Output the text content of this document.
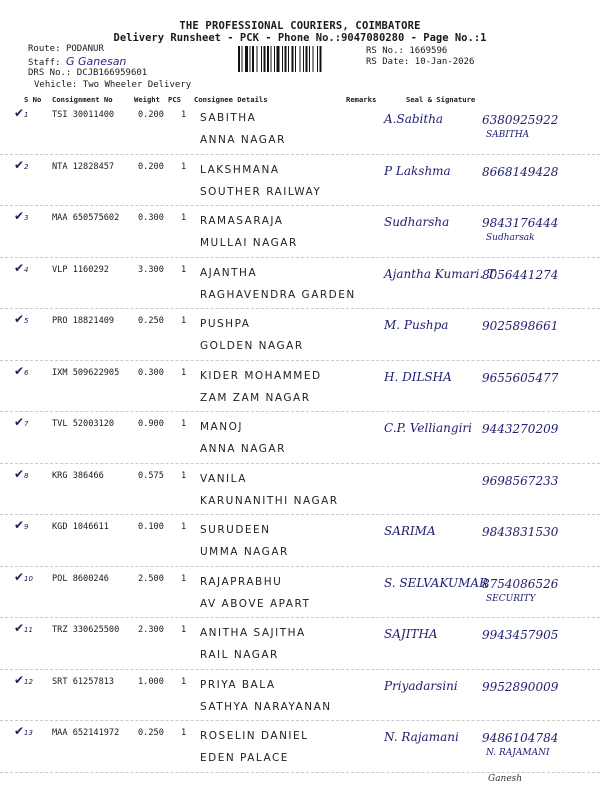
THE PROFESSIONAL COURIERS, COIMBATORE
Delivery Runsheet - PCK - Phone No.:9047080280 - Page No.:1
Route: PODANUR
Staff: G Ganesan
DRS No.: DCJB166959601
Vehicle: Two Wheeler Delivery
RS No.: 1669596
RS Date: 10-Jan-2026
S No Consignment No	Weight PCS Consignee Details	Remarks	Seal & Signature
✔ 1	TSI 30011400	0.200 1 SABITHA
ANNA NAGAR
A.Sabitha	6380925922
SABITHA
✔ 2	NTA 12828457	0.200 1 LAKSHMANA
SOUTHER RAILWAY
P Lakshma	8668149428
✔ 3	MAA 650575602 0.300 1 RAMASARAJA
MULLAI NAGAR
Sudharsha	9843176444
Sudharsak
✔ 4	VLP 1160292	3.300 1 AJANTHA
RAGHAVENDRA GARDEN
Ajantha Kumari. T
8056441274
✔ 5	PRO 18821409	0.250 1 PUSHPA
GOLDEN NAGAR
M. Pushpa	9025898661
✔ 6	IXM 509622905 0.300 1 KIDER MOHAMMED
ZAM ZAM NAGAR
H. DILSHA	9655605477
✔ 7	TVL 52003120	0.900 1 MANOJ
ANNA NAGAR
C.P. Velliangiri 9443270209
✔ 8	KRG 386466	0.575 1 VANILA
KARUNANITHI NAGAR
9698567233
✔ 9	KGD 1046611	0.100 1 SURUDEEN
UMMA NAGAR
SARIMA	9843831530
✔ 10 POL 8600246	2.500 1 RAJAPRABHU
AV ABOVE APART
S. SELVAKUMAR
8754086526
SECURITY
✔ 11 TRZ 330625500 2.300 1 ANITHA SAJITHA
RAIL NAGAR
SAJITHA	9943457905
✔ 12 SRT 61257813	1.000 1 PRIYA BALA
SATHYA NARAYANAN
Priyadarsini 9952890009
✔ 13 MAA 652141972 0.250 1 ROSELIN DANIEL
EDEN PALACE
N. Rajamani 9486104784
N. RAJAMANI
Ganesh
